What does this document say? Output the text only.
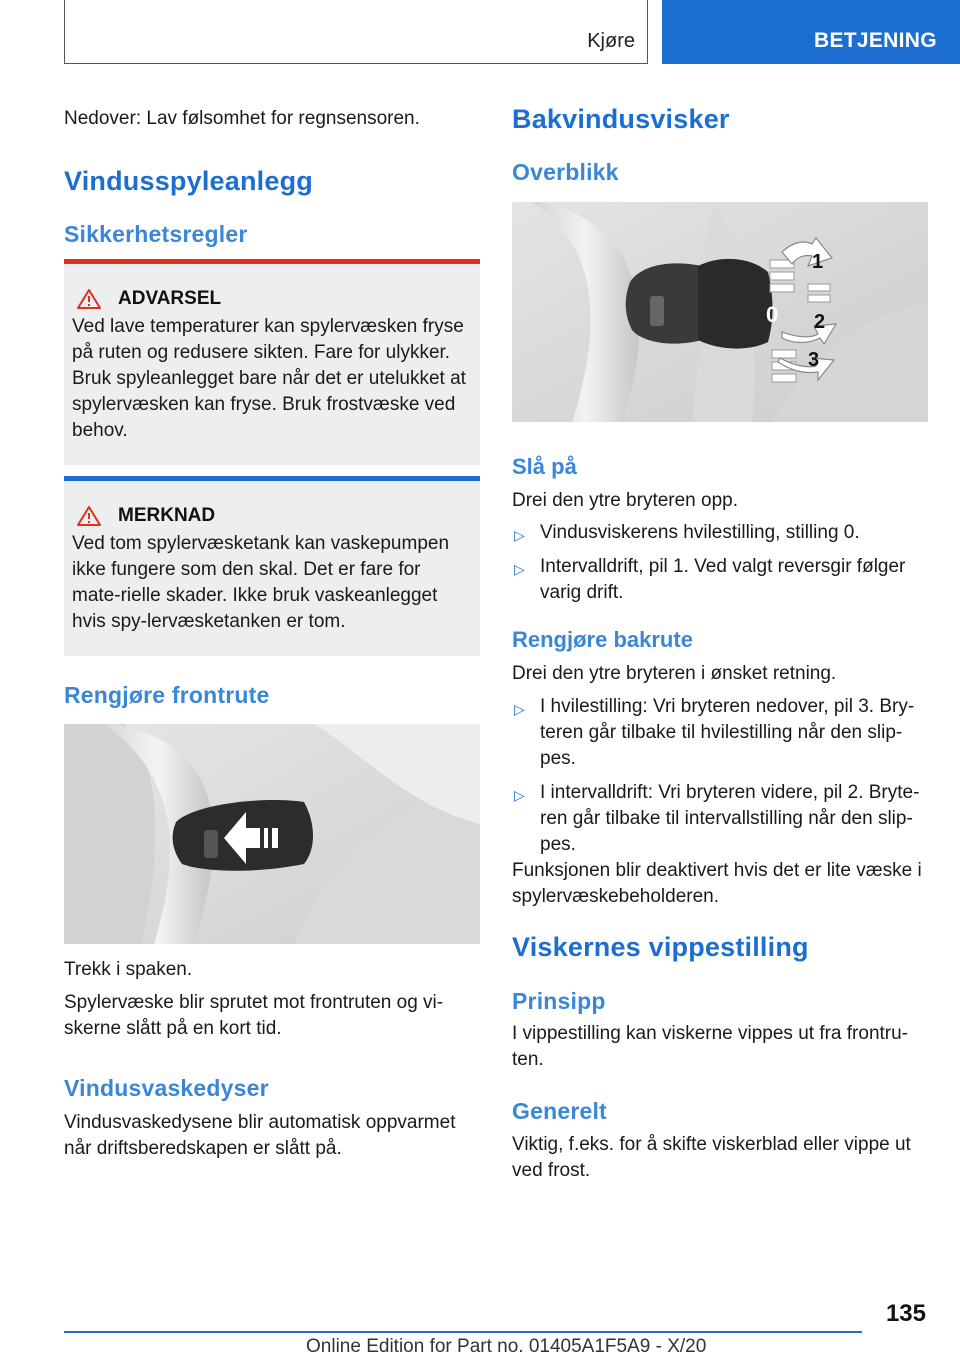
Kjøre	BETJENING

Nedover: Lav følsomhet for regnsensoren.

Vindusspyleanlegg
Sikkerhetsregler
ADVARSEL

Ved lave temperaturer kan spylervæsken fryse på ruten og redusere sikten. Fare for ulykker. Bruk spyleanlegget bare når det er utelukket at spylervæsken kan fryse. Bruk frostvæske ved behov.

MERKNAD

Ved tom spylervæsketank kan vaskepumpen ikke fungere som den skal. Det er fare for mate-rielle skader. Ikke bruk vaskeanlegget hvis spy-lervæsketanken er tom.

Rengjøre frontrute

Trekk i spaken.

Spylervæske blir sprutet mot frontruten og vi-skerne slått på en kort tid.

Vindusvaskedyser

Vindusvaskedysene blir automatisk oppvarmet når driftsberedskapen er slått på.

Bakvindusvisker
Overblikk
1
0 2
3
Slå på

Drei den ytre bryteren opp.

▷ Vindusviskerens hvilestilling, stilling 0.
▷ Intervalldrift, pil 1. Ved valgt reversgir følger varig drift.
Rengjøre bakrute

Drei den ytre bryteren i ønsket retning.

▷ I hvilestilling: Vri bryteren nedover, pil 3. Bry-teren går tilbake til hvilestilling når den slip-pes.
▷ I intervalldrift: Vri bryteren videre, pil 2. Bryte-ren går tilbake til intervallstilling når den slip-pes.

Funksjonen blir deaktivert hvis det er lite væske i spylervæskebeholderen.

Viskernes vippestilling
Prinsipp

I vippestilling kan viskerne vippes ut fra frontru-ten.

Generelt

Viktig, f.eks. for å skifte viskerblad eller vippe ut ved frost.

135
Online Edition for Part no. 01405A1F5A9 - X/20
